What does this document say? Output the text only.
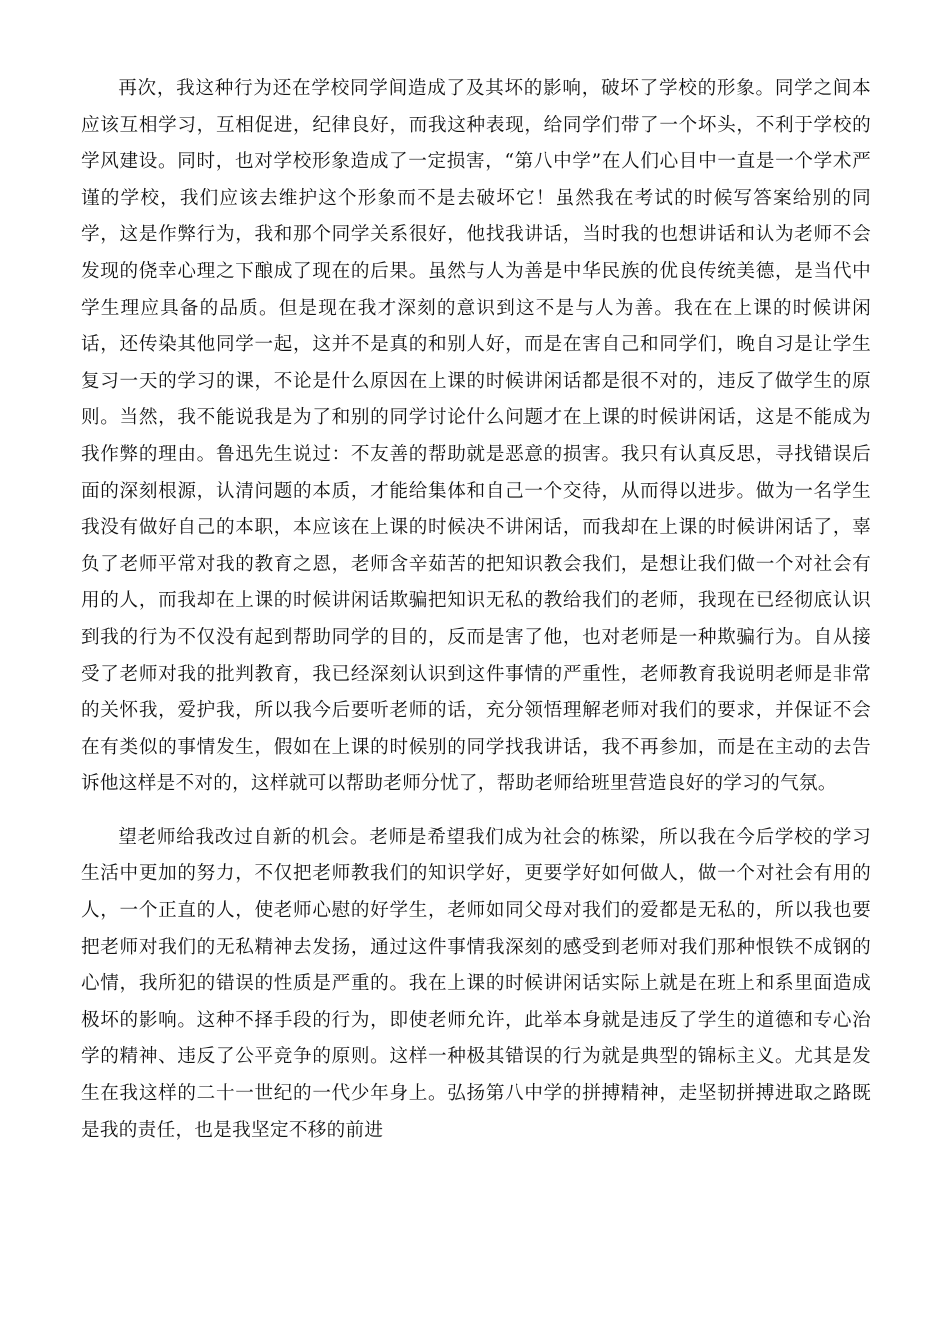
再次，我这种行为还在学校同学间造成了及其坏的影响，破坏了学校的形象。同学之间本应该互相学习，互相促进，纪律良好，而我这种表现，给同学们带了一个坏头，不利于学校的学风建设。同时，也对学校形象造成了一定损害，“第八中学”在人们心目中一直是一个学术严谨的学校，我们应该去维护这个形象而不是去破坏它！虽然我在考试的时候写答案给别的同学，这是作弊行为，我和那个同学关系很好，他找我讲话，当时我的也想讲话和认为老师不会发现的侥幸心理之下酿成了现在的后果。虽然与人为善是中华民族的优良传统美德，是当代中学生理应具备的品质。但是现在我才深刻的意识到这不是与人为善。我在在上课的时候讲闲话，还传染其他同学一起，这并不是真的和别人好，而是在害自己和同学们，晚自习是让学生复习一天的学习的课，不论是什么原因在上课的时候讲闲话都是很不对的，违反了做学生的原则。当然，我不能说我是为了和别的同学讨论什么问题才在上课的时候讲闲话，这是不能成为我作弊的理由。鲁迅先生说过：不友善的帮助就是恶意的损害。我只有认真反思，寻找错误后面的深刻根源，认清问题的本质，才能给集体和自己一个交待，从而得以进步。做为一名学生我没有做好自己的本职，本应该在上课的时候决不讲闲话，而我却在上课的时候讲闲话了，辜负了老师平常对我的教育之恩，老师含辛茹苦的把知识教会我们，是想让我们做一个对社会有用的人，而我却在上课的时候讲闲话欺骗把知识无私的教给我们的老师，我现在已经彻底认识到我的行为不仅没有起到帮助同学的目的，反而是害了他，也对老师是一种欺骗行为。自从接受了老师对我的批判教育，我已经深刻认识到这件事情的严重性，老师教育我说明老师是非常的关怀我，爱护我，所以我今后要听老师的话，充分领悟理解老师对我们的要求，并保证不会在有类似的事情发生，假如在上课的时候别的同学找我讲话，我不再参加，而是在主动的去告诉他这样是不对的，这样就可以帮助老师分忧了，帮助老师给班里营造良好的学习的气氛。

望老师给我改过自新的机会。老师是希望我们成为社会的栋梁，所以我在今后学校的学习生活中更加的努力，不仅把老师教我们的知识学好，更要学好如何做人，做一个对社会有用的人，一个正直的人，使老师心慰的好学生，老师如同父母对我们的爱都是无私的，所以我也要把老师对我们的无私精神去发扬，通过这件事情我深刻的感受到老师对我们那种恨铁不成钢的心情，我所犯的错误的性质是严重的。我在上课的时候讲闲话实际上就是在班上和系里面造成极坏的影响。这种不择手段的行为，即使老师允许，此举本身就是违反了学生的道德和专心治学的精神、违反了公平竞争的原则。这样一种极其错误的行为就是典型的锦标主义。尤其是发生在我这样的二十一世纪的一代少年身上。弘扬第八中学的拼搏精神，走坚韧拼搏进取之路既是我的责任，也是我坚定不移的前进
